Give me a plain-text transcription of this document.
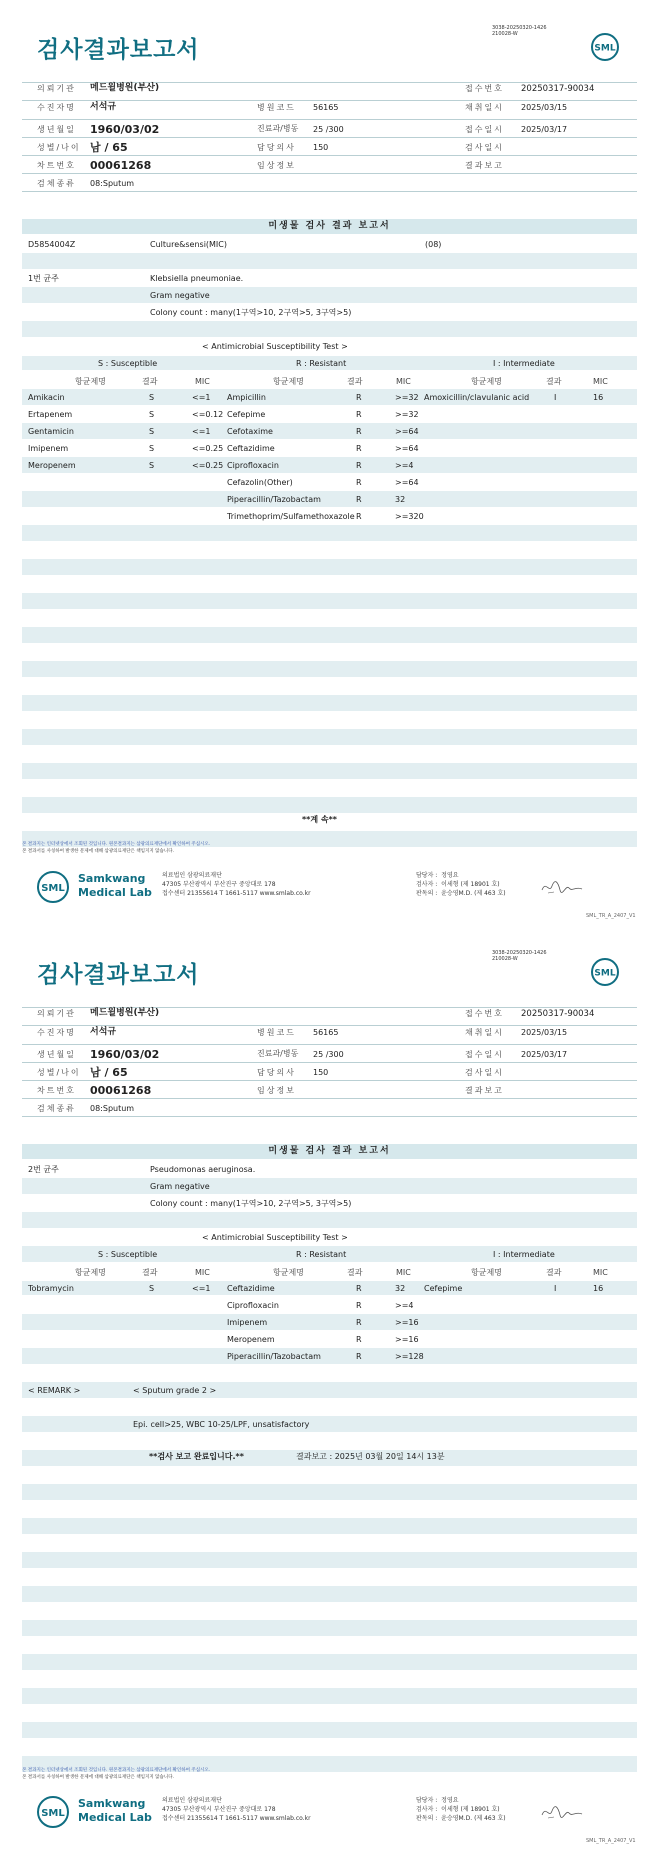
3038-20250320-1426
210028-W
검사결과보고서	SML
의뢰기관 메드윌병원(부산)	접수번호 20250317-90034
수진자명 서석규	병원코드 56165	채취일시 2025/03/15
생년월일 1960/03/02	진료과/병동 25 /300	접수일시 2025/03/17
성별/나이 남 / 65	담당의사 150	검사일시
차트번호 00061268	임상정보	결과보고
검체종류 08:Sputum
미생물 검사 결과 보고서
D5854004Z	Culture&sensi(MIC)	(08)
1번 균주	Klebsiella pneumoniae.
Gram negative
Colony count : many(1구역>10, 2구역>5, 3구역>5)
< Antimicrobial Susceptibility Test >
S : Susceptible	R : Resistant	I : Intermediate
항균제명	결과	MIC	항균제명	결과	MIC	항균제명	결과	MIC
Amikacin	S	<=1 Ampicillin	R	>=32 Amoxicillin/clavulanic acid	I	16
Ertapenem	S	<=0.12 Cefepime	R	>=32
Gentamicin	S	<=1 Cefotaxime	R	>=64
Imipenem	S	<=0.25 Ceftazidime	R	>=64
Meropenem	S	<=0.25 Ciprofloxacin	R	>=4
Cefazolin(Other)	R	>=64
Piperacillin/Tazobactam	R	32
Trimethoprim/Sulfamethoxazole R	>=320
**계 속**
본 결과지는 인터넷상에서 조회된 것입니다. 원본결과지는 삼광의료재단에서 확인하여 주십시오.
본 결과서를 사칭하여 발생한 문제에 대해 삼광의료재단은 책임지지 않습니다.
SML
Samkwang
Medical Lab
의료법인 삼광의료재단
47305 부산광역시 부산진구 중앙대로 178
접수센터 21355614 T 1661-5117 www.smlab.co.kr
담당자 : 정영요
검사자 : 이세형 (제 18901 호)
판독의 : 윤승영M.D. (제 463 호)
SML_TR_A_2407_V1
3038-20250320-1426
210028-W
검사결과보고서	SML
의뢰기관 메드윌병원(부산)	접수번호 20250317-90034
수진자명 서석규	병원코드 56165	채취일시 2025/03/15
생년월일 1960/03/02	진료과/병동 25 /300	접수일시 2025/03/17
성별/나이 남 / 65	담당의사 150	검사일시
차트번호 00061268	임상정보	결과보고
검체종류 08:Sputum
미생물 검사 결과 보고서
2번 균주	Pseudomonas aeruginosa.
Gram negative
Colony count : many(1구역>10, 2구역>5, 3구역>5)
< Antimicrobial Susceptibility Test >
S : Susceptible	R : Resistant	I : Intermediate
항균제명	결과	MIC	항균제명	결과	MIC	항균제명	결과	MIC
Tobramycin	S	<=1 Ceftazidime	R	32 Cefepime	I	16
Ciprofloxacin	R	>=4
Imipenem	R	>=16
Meropenem	R	>=16
Piperacillin/Tazobactam	R	>=128
< REMARK >	< Sputum grade 2 >
Epi. cell>25, WBC 10-25/LPF, unsatisfactory
**검사 보고 완료입니다.**	결과보고 : 2025년 03월 20일 14시 13분
본 결과지는 인터넷상에서 조회된 것입니다. 원본결과지는 삼광의료재단에서 확인하여 주십시오.
본 결과서를 사칭하여 발생한 문제에 대해 삼광의료재단은 책임지지 않습니다.
SML
Samkwang
Medical Lab
의료법인 삼광의료재단
47305 부산광역시 부산진구 중앙대로 178
접수센터 21355614 T 1661-5117 www.smlab.co.kr
담당자 : 정영요
검사자 : 이세형 (제 18901 호)
판독의 : 윤승영M.D. (제 463 호)
SML_TR_A_2407_V1
